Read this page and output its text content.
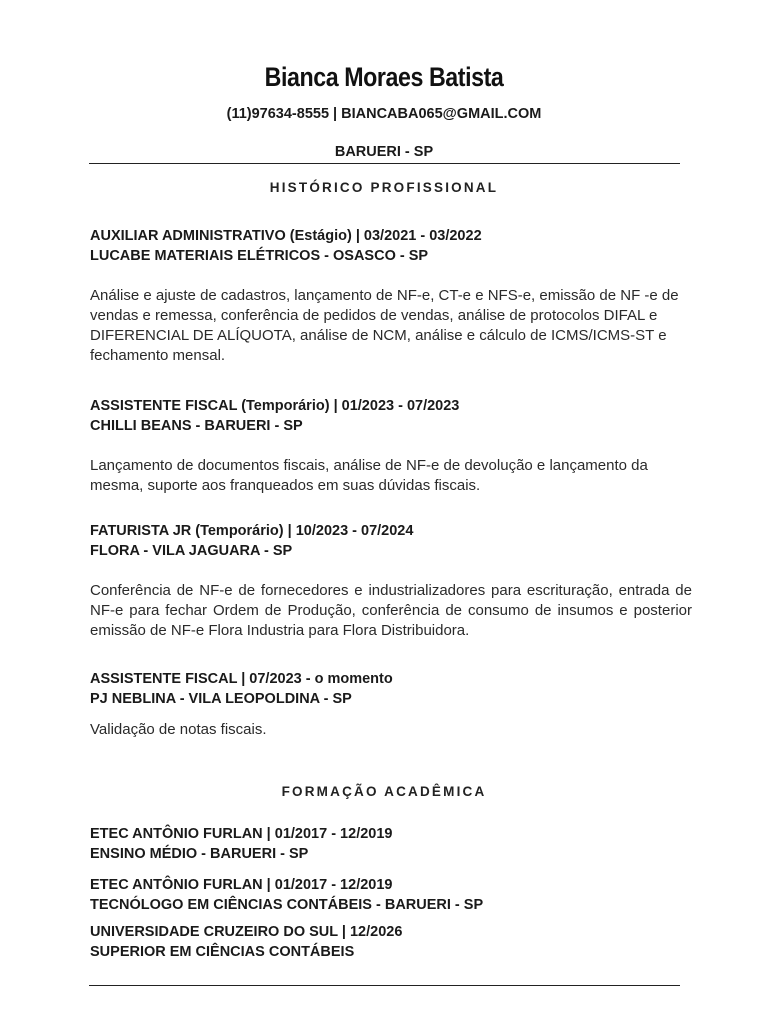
Bianca Moraes Batista
(11)97634-8555 | BIANCABA065@GMAIL.COM
BARUERI - SP
HISTÓRICO PROFISSIONAL
AUXILIAR ADMINISTRATIVO (Estágio) | 03/2021 - 03/2022
LUCABE MATERIAIS ELÉTRICOS - OSASCO - SP
Análise e ajuste de cadastros, lançamento de NF-e, CT-e e NFS-e, emissão de NF -e de vendas e remessa, conferência de pedidos de vendas, análise de protocolos DIFAL e DIFERENCIAL DE ALÍQUOTA, análise de NCM, análise e cálculo de ICMS/ICMS-ST e fechamento mensal.
ASSISTENTE FISCAL (Temporário) | 01/2023 - 07/2023
CHILLI BEANS - BARUERI - SP
Lançamento de documentos fiscais, análise de NF-e de devolução e lançamento da mesma, suporte aos franqueados em suas dúvidas fiscais.
FATURISTA JR (Temporário) | 10/2023 - 07/2024
FLORA - VILA JAGUARA - SP
Conferência de NF-e de fornecedores e industrializadores para escrituração, entrada de NF-e para fechar Ordem de Produção, conferência de consumo de insumos e posterior emissão de NF-e Flora Industria para Flora Distribuidora.
ASSISTENTE FISCAL | 07/2023 - o momento
PJ NEBLINA - VILA LEOPOLDINA - SP
Validação de notas fiscais.
FORMAÇÃO ACADÊMICA
ETEC ANTÔNIO FURLAN | 01/2017 - 12/2019
ENSINO MÉDIO - BARUERI - SP
ETEC ANTÔNIO FURLAN | 01/2017 - 12/2019
TECNÓLOGO EM CIÊNCIAS CONTÁBEIS - BARUERI - SP
UNIVERSIDADE CRUZEIRO DO SUL | 12/2026
SUPERIOR EM CIÊNCIAS CONTÁBEIS
